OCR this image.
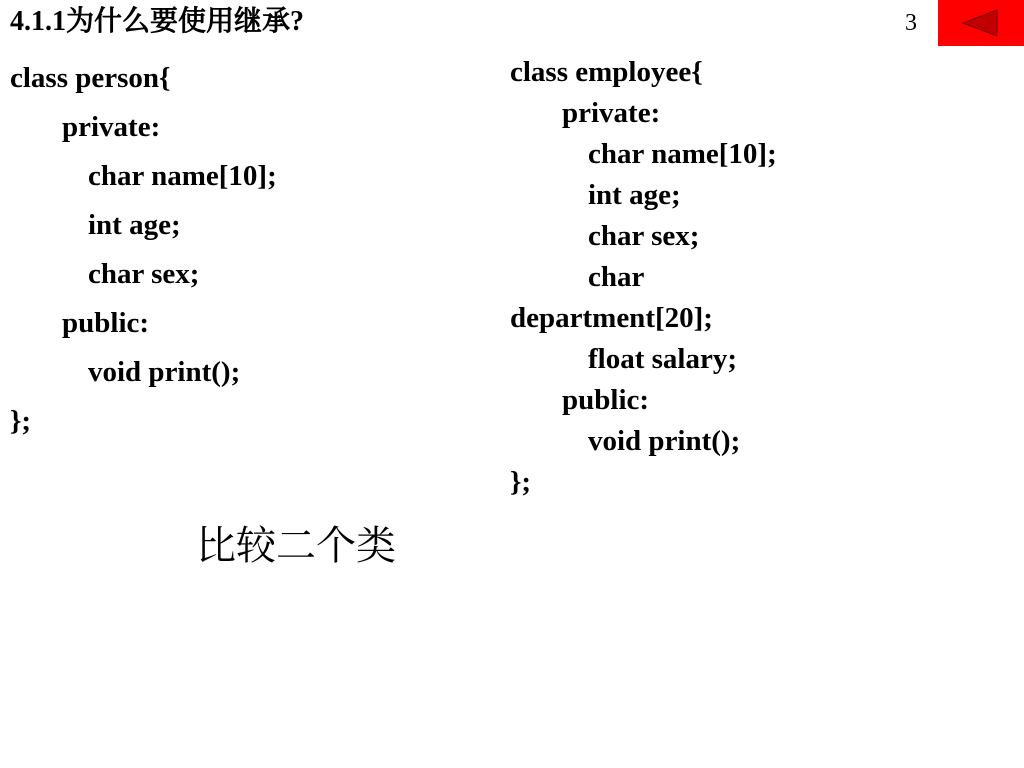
4.1.1为什么要使用继承?	3
class person{
private:
char name[10];
int age;
char sex;
public:
void print();
};
class employee{
private:
char name[10];
int age;
char sex;
char
department[20];
float salary;
public:
void print();
};
比较二个类
